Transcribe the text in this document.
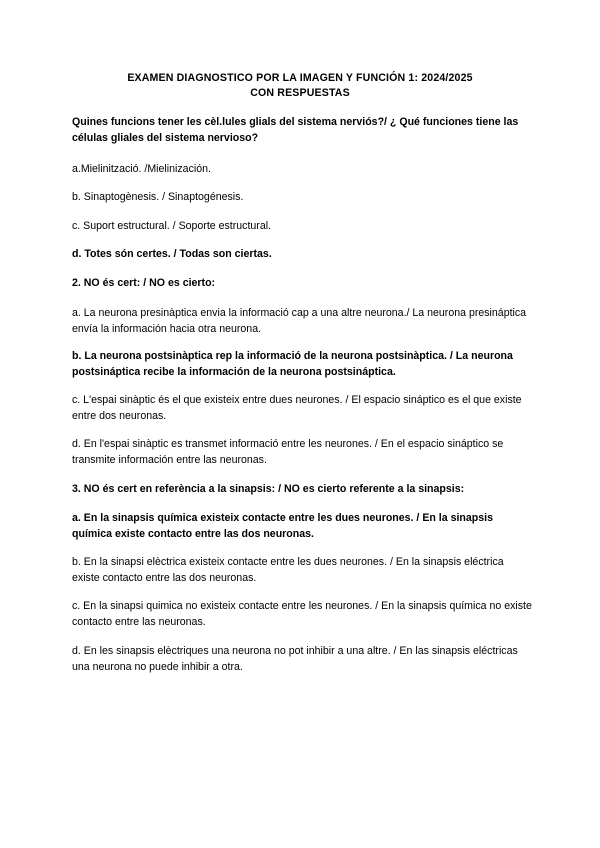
EXAMEN DIAGNOSTICO POR LA IMAGEN Y FUNCIÓN 1: 2024/2025
CON RESPUESTAS

Quines funcions tener les cèl.lules glials del sistema nerviós?/ ¿ Qué funciones tiene las células gliales del sistema nervioso?

a.Mielinització. /Mielinización.

b. Sinaptogènesis. / Sinaptogénesis.

c. Suport estructural. / Soporte estructural.

d. Totes són certes. / Todas son ciertas.

2. NO és cert: / NO es cierto:

a. La neurona presinàptica envia la informació cap a una altre neurona./ La neurona presináptica envía la información hacia otra neurona.

b. La neurona postsinàptica rep la informació de la neurona postsinàptica. / La neurona postsináptica recibe la información de la neurona postsináptica.

c. L'espai sinàptic és el que existeix entre dues neurones. / El espacio sináptico es el que existe entre dos neuronas.

d. En l'espai sinàptic es transmet informació entre les neurones. / En el espacio sináptico se transmite información entre las neuronas.

3. NO és cert en referència a la sinapsis: / NO es cierto referente a la sinapsis:

a. En la sinapsis química existeix contacte entre les dues neurones. / En la sinapsis química existe contacto entre las dos neuronas.

b. En la sinapsi elèctrica existeix contacte entre les dues neurones. / En la sinapsis eléctrica existe contacto entre las dos neuronas.

c. En la sinapsi quimica no existeix contacte entre les neurones. / En la sinapsis química no existe contacto entre las neuronas.

d. En les sinapsis elèctriques una neurona no pot inhibir a una altre. / En las sinapsis eléctricas una neurona no puede inhibir a otra.
